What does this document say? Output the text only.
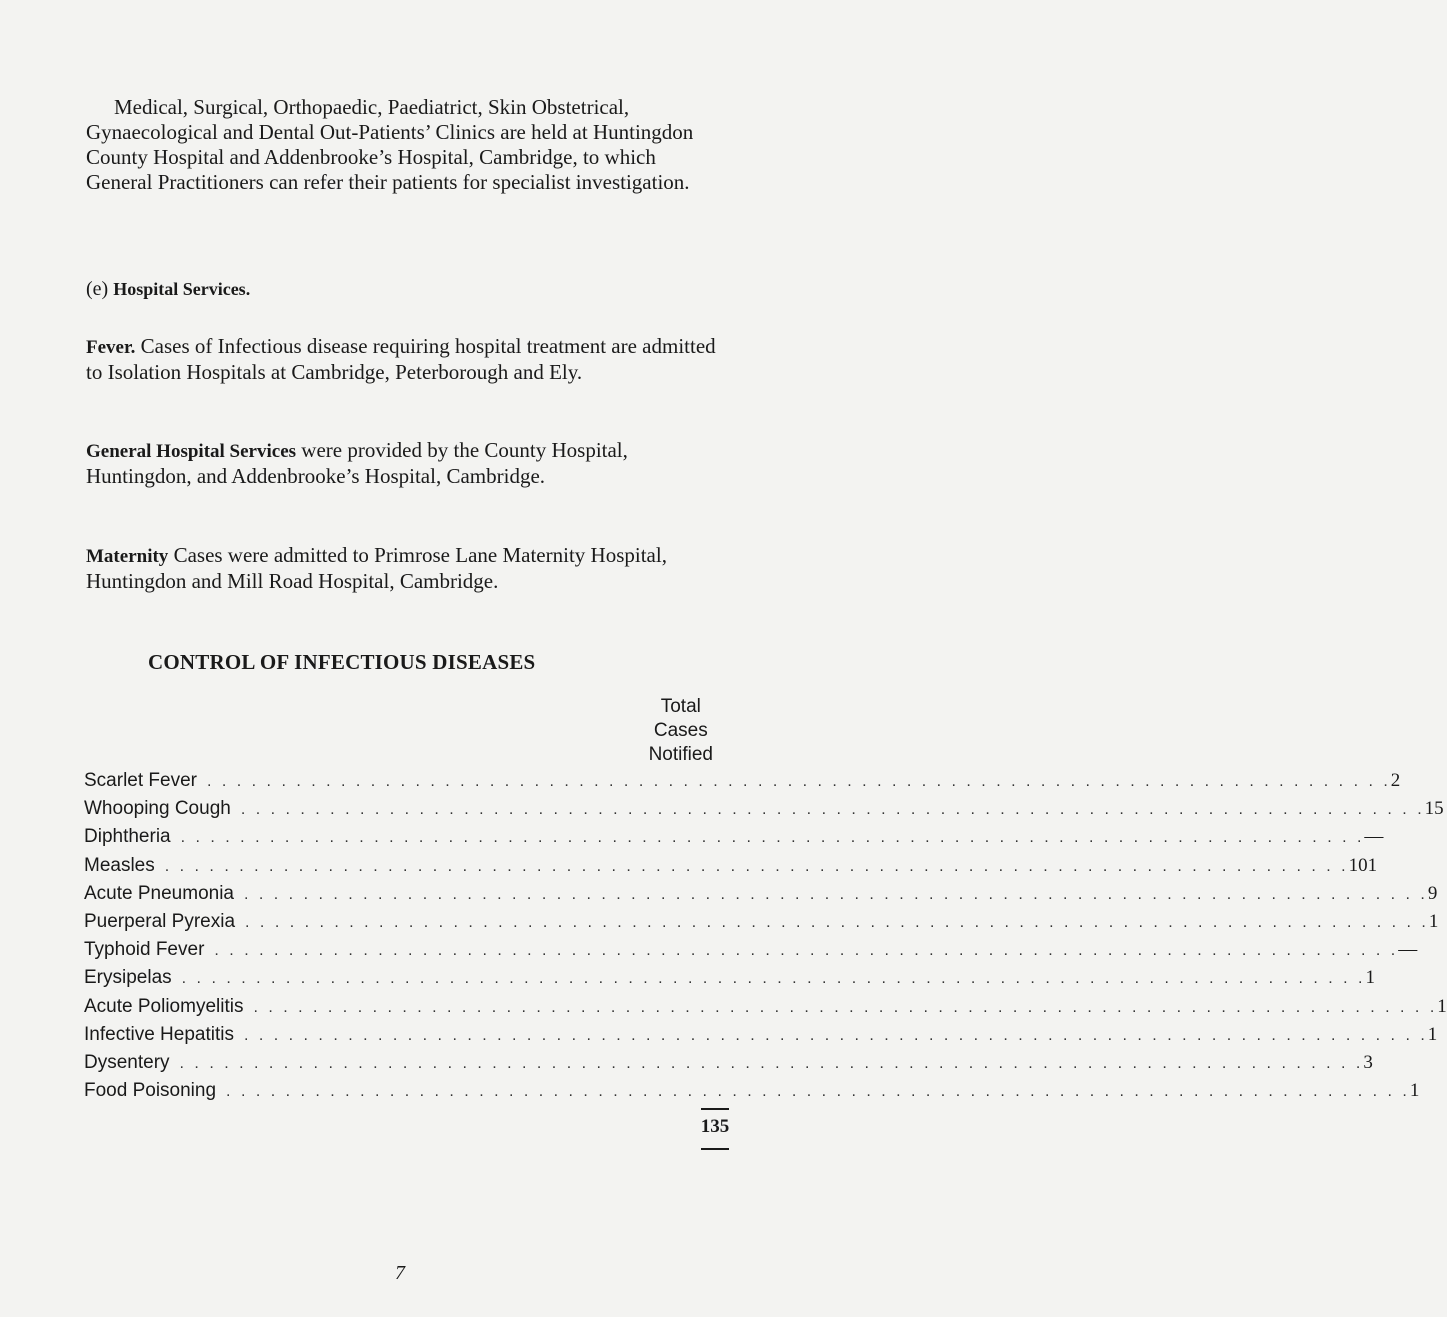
Medical, Surgical, Orthopaedic, Paediatrict, Skin Obstetrical, Gynaecological and Dental Out-Patients’ Clinics are held at Huntingdon County Hospital and Addenbrooke’s Hospital, Cambridge, to which General Practitioners can refer their patients for specialist investigation.

(e) Hospital Services.

Fever. Cases of Infectious disease requiring hospital treatment are admitted to Isolation Hospitals at Cambridge, Peterborough and Ely.

General Hospital Services were provided by the County Hospital, Huntingdon, and Addenbrooke’s Hospital, Cambridge.

Maternity Cases were admitted to Primrose Lane Maternity Hospital, Huntingdon and Mill Road Hospital, Cambridge.

CONTROL OF INFECTIOUS DISEASES
Total
Cases
Notified
Scarlet Fever . . . . . . . . . . . . . . . . . . . . . . . . . . . . . . . . . . . . . . . . . . . . . . . . . . . . . . . . . . . . . . . . . . . . . . . . . . . . . . . . 2
Whooping Cough . . . . . . . . . . . . . . . . . . . . . . . . . . . . . . . . . . . . . . . . . . . . . . . . . . . . . . . . . . . . . . . . . . . . . . . . . . . . . . . . 15
Diphtheria . . . . . . . . . . . . . . . . . . . . . . . . . . . . . . . . . . . . . . . . . . . . . . . . . . . . . . . . . . . . . . . . . . . . . . . . . . . . . . . . —
Measles . . . . . . . . . . . . . . . . . . . . . . . . . . . . . . . . . . . . . . . . . . . . . . . . . . . . . . . . . . . . . . . . . . . . . . . . . . . . . . . . 101
Acute Pneumonia . . . . . . . . . . . . . . . . . . . . . . . . . . . . . . . . . . . . . . . . . . . . . . . . . . . . . . . . . . . . . . . . . . . . . . . . . . . . . . . . 9
Puerperal Pyrexia . . . . . . . . . . . . . . . . . . . . . . . . . . . . . . . . . . . . . . . . . . . . . . . . . . . . . . . . . . . . . . . . . . . . . . . . . . . . . . . . 1
Typhoid Fever . . . . . . . . . . . . . . . . . . . . . . . . . . . . . . . . . . . . . . . . . . . . . . . . . . . . . . . . . . . . . . . . . . . . . . . . . . . . . . . . —
Erysipelas . . . . . . . . . . . . . . . . . . . . . . . . . . . . . . . . . . . . . . . . . . . . . . . . . . . . . . . . . . . . . . . . . . . . . . . . . . . . . . . . 1
Acute Poliomyelitis . . . . . . . . . . . . . . . . . . . . . . . . . . . . . . . . . . . . . . . . . . . . . . . . . . . . . . . . . . . . . . . . . . . . . . . . . . . . . . . . 1
Infective Hepatitis . . . . . . . . . . . . . . . . . . . . . . . . . . . . . . . . . . . . . . . . . . . . . . . . . . . . . . . . . . . . . . . . . . . . . . . . . . . . . . . . 1
Dysentery . . . . . . . . . . . . . . . . . . . . . . . . . . . . . . . . . . . . . . . . . . . . . . . . . . . . . . . . . . . . . . . . . . . . . . . . . . . . . . . . 3
Food Poisoning . . . . . . . . . . . . . . . . . . . . . . . . . . . . . . . . . . . . . . . . . . . . . . . . . . . . . . . . . . . . . . . . . . . . . . . . . . . . . . . . 1
135
7
